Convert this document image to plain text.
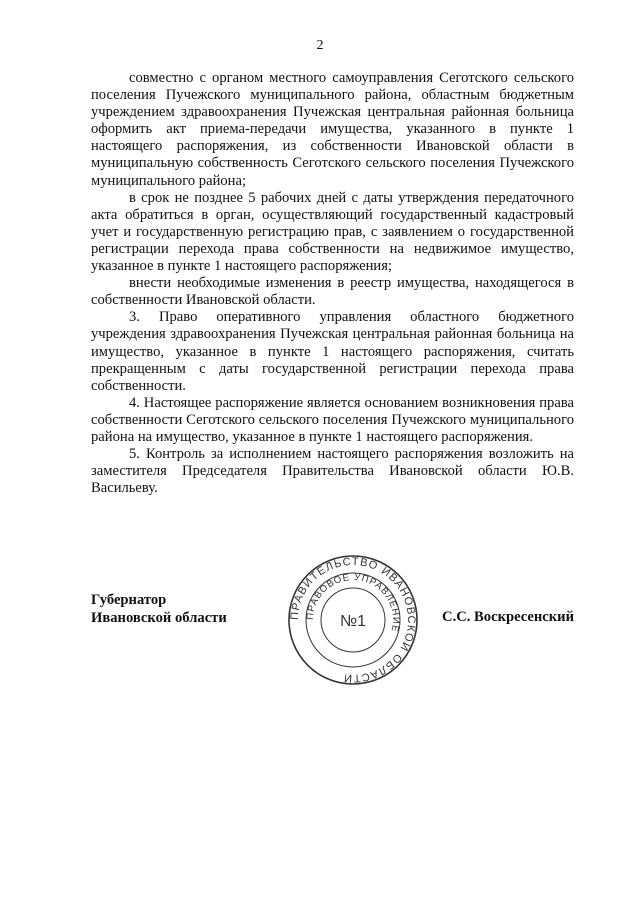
2

совместно с органом местного самоуправления Сеготского сельского поселения Пучежского муниципального района, областным бюджетным учреждением здравоохранения Пучежская центральная районная больница оформить акт приема-передачи имущества, указанного в пункте 1 настоящего распоряжения, из собственности Ивановской области в муниципальную собственность Сеготского сельского поселения Пучежского муниципального района;

в срок не позднее 5 рабочих дней с даты утверждения передаточного акта обратиться в орган, осуществляющий государственный кадастровый учет и государственную регистрацию прав, с заявлением о государственной регистрации перехода права собственности на недвижимое имущество, указанное в пункте 1 настоящего распоряжения;

внести необходимые изменения в реестр имущества, находящегося в собственности Ивановской области.

3. Право оперативного управления областного бюджетного учреждения здравоохранения Пучежская центральная районная больница на имущество, указанное в пункте 1 настоящего распоряжения, считать прекращенным с даты государственной регистрации перехода права собственности.

4. Настоящее распоряжение является основанием возникновения права собственности Сеготского сельского поселения Пучежского муниципального района на имущество, указанное в пункте 1 настоящего распоряжения.

5. Контроль за исполнением настоящего распоряжения возложить на заместителя Председателя Правительства Ивановской области Ю.В. Васильеву.

Губернатор
Ивановской области	С.С. Воскресенский
ПРАВИТЕЛЬСТВО ИВАНОВСКОЙ ОБЛАСТИ
ПРАВОВОЕ УПРАВЛЕНИЕ
№1
